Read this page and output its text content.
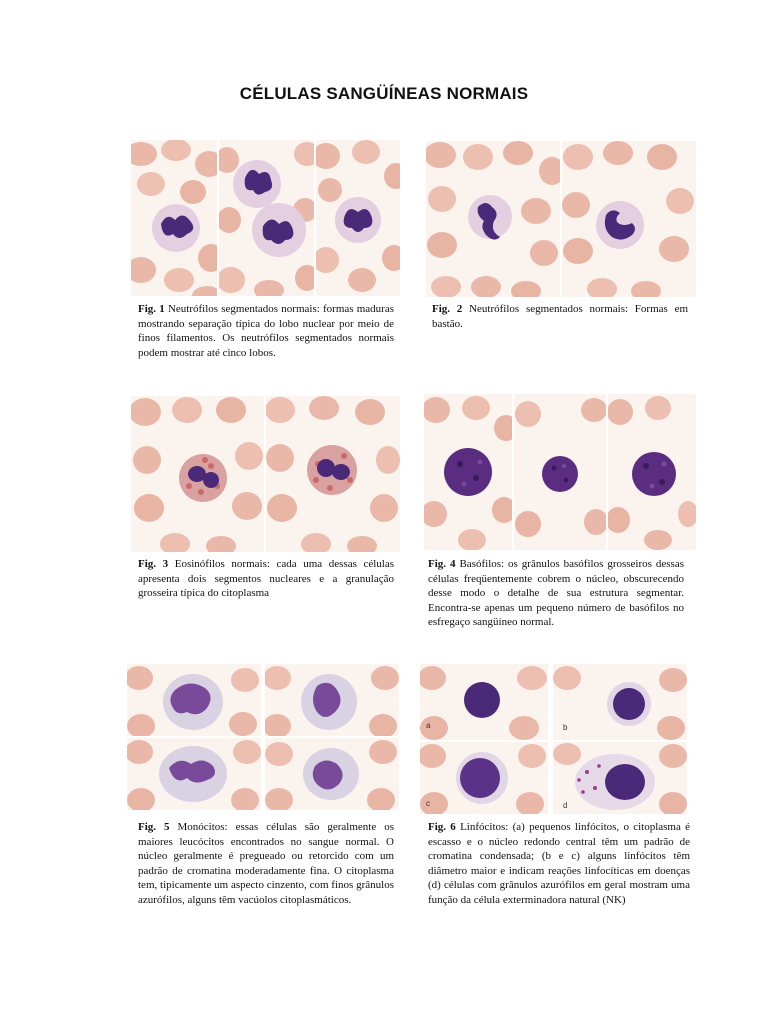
CÉLULAS SANGÜÍNEAS NORMAIS
Fig. 1 Neutrófilos segmentados normais: formas maduras mostrando separação típica do lobo nuclear por meio de finos filamentos. Os neutrófilos segmentados normais podem mostrar até cinco lobos.
Fig. 2 Neutrófilos segmentados normais: Formas em bastão.
Fig. 3 Eosinófilos normais: cada uma dessas células apresenta dois segmentos nucleares e a granulação grosseira típica do citoplasma
Fig. 4 Basófilos: os grânulos basófilos grosseiros dessas células freqüentemente cobrem o núcleo, obscurecendo desse modo o detalhe de sua estrutura segmentar. Encontra-se apenas um pequeno número de basófilos no esfregaço sangüíneo normal.
Fig. 5 Monócitos: essas células são geralmente os maiores leucócitos encontrados no sangue normal. O núcleo geralmente é pregueado ou retorcido com um padrão de cromatina moderadamente fina. O citoplasma tem, tipicamente um aspecto cinzento, com finos grânulos azurófilos, alguns têm vacúolos citoplasmáticos.
a	b
c	d
Fig. 6 Linfócitos: (a) pequenos linfócitos, o citoplasma é escasso e o núcleo redondo central têm um padrão de cromatina condensada; (b e c) alguns linfócitos têm diâmetro maior e indicam reações linfocíticas em doenças (d) células com grânulos azurófilos em geral mostram uma função da célula exterminadora natural (NK)
